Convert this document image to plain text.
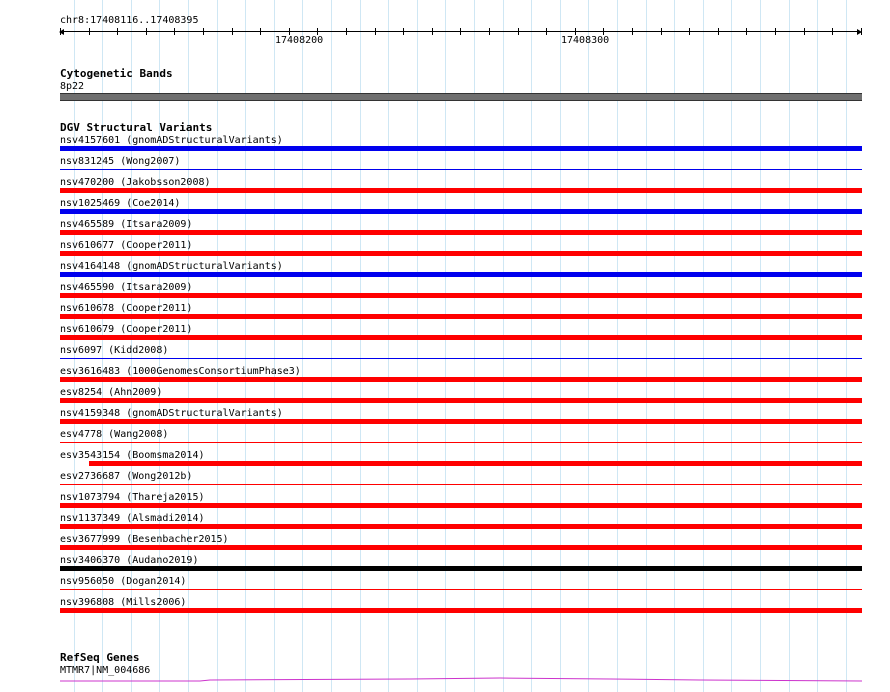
chr8:17408116..17408395
17408200	17408300
Cytogenetic Bands
8p22
DGV Structural Variants
nsv4157601 (gnomADStructuralVariants)
nsv831245 (Wong2007)
nsv470200 (Jakobsson2008)
nsv1025469 (Coe2014)
nsv465589 (Itsara2009)
nsv610677 (Cooper2011)
nsv4164148 (gnomADStructuralVariants)
nsv465590 (Itsara2009)
nsv610678 (Cooper2011)
nsv610679 (Cooper2011)
nsv6097 (Kidd2008)
esv3616483 (1000GenomesConsortiumPhase3)
esv8254 (Ahn2009)
nsv4159348 (gnomADStructuralVariants)
esv4778 (Wang2008)
esv3543154 (Boomsma2014)
esv2736687 (Wong2012b)
nsv1073794 (Thareja2015)
nsv1137349 (Alsmadi2014)
esv3677999 (Besenbacher2015)
nsv3406370 (Audano2019)
nsv956050 (Dogan2014)
nsv396808 (Mills2006)
RefSeq Genes
MTMR7|NM_004686
